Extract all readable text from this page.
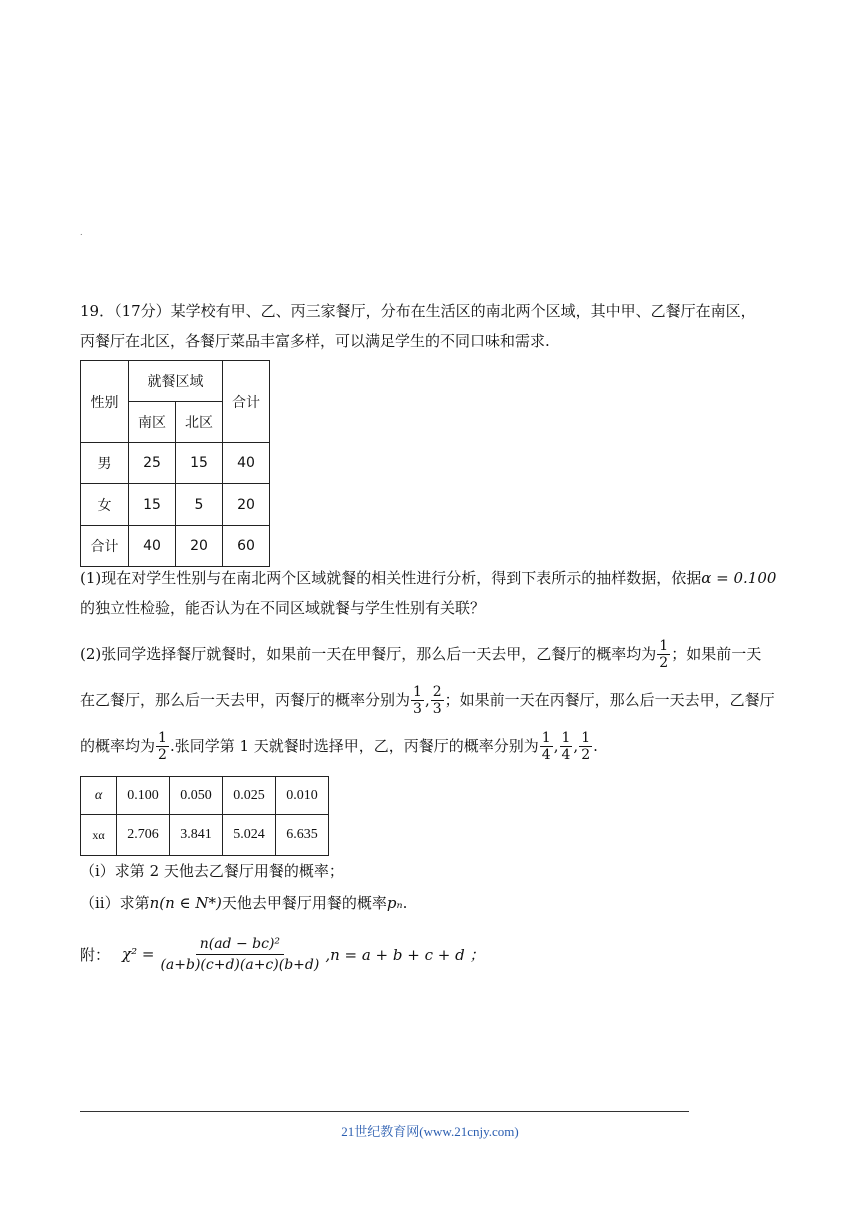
.
19．（17分）某学校有甲、乙、丙三家餐厅，分布在生活区的南北两个区域，其中甲、乙餐厅在南区，
丙餐厅在北区，各餐厅菜品丰富多样，可以满足学生的不同口味和需求.
性别	就餐区域		合计
	南区	北区	
男	25	15	40
女	15	5	20
合计	40	20	60
(1)现在对学生性别与在南北两个区域就餐的相关性进行分析，得到下表所示的抽样数据，依据α = 0.100
的独立性检验，能否认为在不同区域就餐与学生性别有关联？
(2)张同学选择餐厅就餐时，如果前一天在甲餐厅，那么后一天去甲，乙餐厅的概率均为 $\frac{1}{2}$ ；如果前一天
在乙餐厅，那么后一天去甲，丙餐厅的概率分别为 $\frac{1}{3}$ , $\frac{2}{3}$ ；如果前一天在丙餐厅，那么后一天去甲，乙餐厅
的概率均为 $\frac{1}{2}$ .张同学第 1 天就餐时选择甲，乙，丙餐厅的概率分别为 $\frac{1}{4}$ , $\frac{1}{4}$ , $\frac{1}{2}$ .
α	0.100	0.050	0.025	0.010
xα	2.706	3.841	5.024	6.635
（i）求第 2 天他去乙餐厅用餐的概率；
（ii）求第n(n ∈ N*)天他去甲餐厅用餐的概率pₙ.
附： $\chi^2 = \frac{\text{n(ad − bc)²}}{(a+b)(c+d)(a+c)(b+d)} ,n = a + b + c + d$ ；
21世纪教育网(www.21cnjy.com)
